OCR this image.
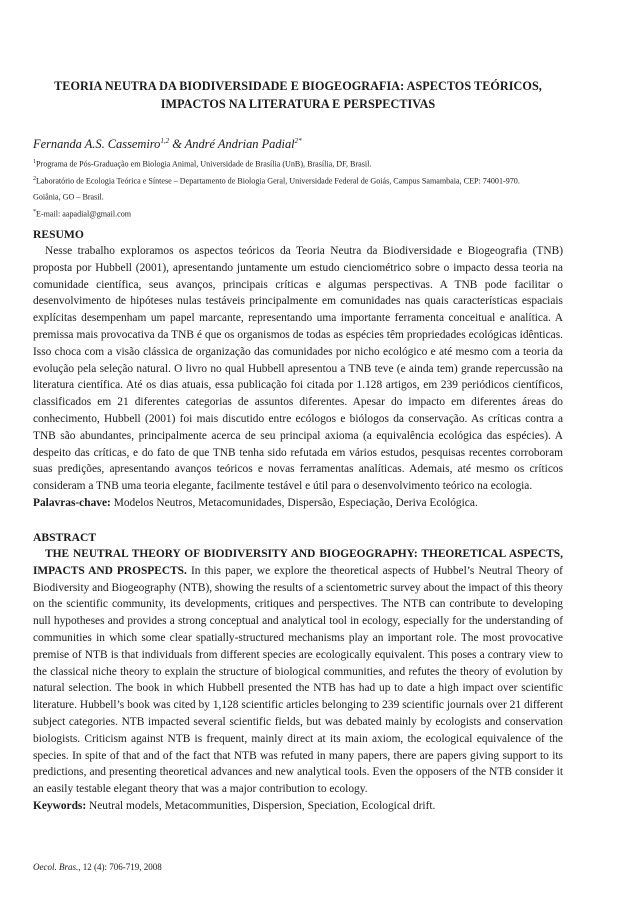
TEORIA NEUTRA DA BIODIVERSIDADE E BIOGEOGRAFIA: ASPECTOS TEÓRICOS, IMPACTOS NA LITERATURA E PERSPECTIVAS
Fernanda A.S. Cassemiro$^{1,2}$ & André Andrian Padial$^{2*}$
$^1$Programa de Pós-Graduação em Biologia Animal, Universidade de Brasília (UnB), Brasília, DF, Brasil.
$^2$Laboratório de Ecologia Teórica e Síntese – Departamento de Biologia Geral, Universidade Federal de Goiás, Campus Samambaia, CEP: 74001-970.
Goiânia, GO – Brasil.
*E-mail: aapadial@gmail.com
RESUMO
Nesse trabalho exploramos os aspectos teóricos da Teoria Neutra da Biodiversidade e Biogeografia (TNB) proposta por Hubbell (2001), apresentando juntamente um estudo cienciométrico sobre o impacto dessa teoria na comunidade científica, seus avanços, principais críticas e algumas perspectivas. A TNB pode facilitar o desenvolvimento de hipóteses nulas testáveis principalmente em comunidades nas quais características espaciais explícitas desempenham um papel marcante, representando uma importante ferramenta conceitual e analítica. A premissa mais provocativa da TNB é que os organismos de todas as espécies têm propriedades ecológicas idênticas. Isso choca com a visão clássica de organização das comunidades por nicho ecológico e até mesmo com a teoria da evolução pela seleção natural. O livro no qual Hubbell apresentou a TNB teve (e ainda tem) grande repercussão na literatura científica. Até os dias atuais, essa publicação foi citada por 1.128 artigos, em 239 periódicos científicos, classificados em 21 diferentes categorias de assuntos diferentes. Apesar do impacto em diferentes áreas do conhecimento, Hubbell (2001) foi mais discutido entre ecólogos e biólogos da conservação. As críticas contra a TNB são abundantes, principalmente acerca de seu principal axioma (a equivalência ecológica das espécies). A despeito das críticas, e do fato de que TNB tenha sido refutada em vários estudos, pesquisas recentes corroboram suas predições, apresentando avanços teóricos e novas ferramentas analíticas. Ademais, até mesmo os críticos consideram a TNB uma teoria elegante, facilmente testável e útil para o desenvolvimento teórico na ecologia.
Palavras-chave: Modelos Neutros, Metacomunidades, Dispersão, Especiação, Deriva Ecológica.
ABSTRACT
THE NEUTRAL THEORY OF BIODIVERSITY AND BIOGEOGRAPHY: THEORETICAL ASPECTS, IMPACTS AND PROSPECTS. In this paper, we explore the theoretical aspects of Hubbel’s Neutral Theory of Biodiversity and Biogeography (NTB), showing the results of a scientometric survey about the impact of this theory on the scientific community, its developments, critiques and perspectives. The NTB can contribute to developing null hypotheses and provides a strong conceptual and analytical tool in ecology, especially for the understanding of communities in which some clear spatially-structured mechanisms play an important role. The most provocative premise of NTB is that individuals from different species are ecologically equivalent. This poses a contrary view to the classical niche theory to explain the structure of biological communities, and refutes the theory of evolution by natural selection. The book in which Hubbell presented the NTB has had up to date a high impact over scientific literature. Hubbell’s book was cited by 1,128 scientific articles belonging to 239 scientific journals over 21 different subject categories. NTB impacted several scientific fields, but was debated mainly by ecologists and conservation biologists. Criticism against NTB is frequent, mainly direct at its main axiom, the ecological equivalence of the species. In spite of that and of the fact that NTB was refuted in many papers, there are papers giving support to its predictions, and presenting theoretical advances and new analytical tools. Even the opposers of the NTB consider it an easily testable elegant theory that was a major contribution to ecology.
Keywords: Neutral models, Metacommunities, Dispersion, Speciation, Ecological drift.
Oecol. Bras., 12 (4): 706-719, 2008
